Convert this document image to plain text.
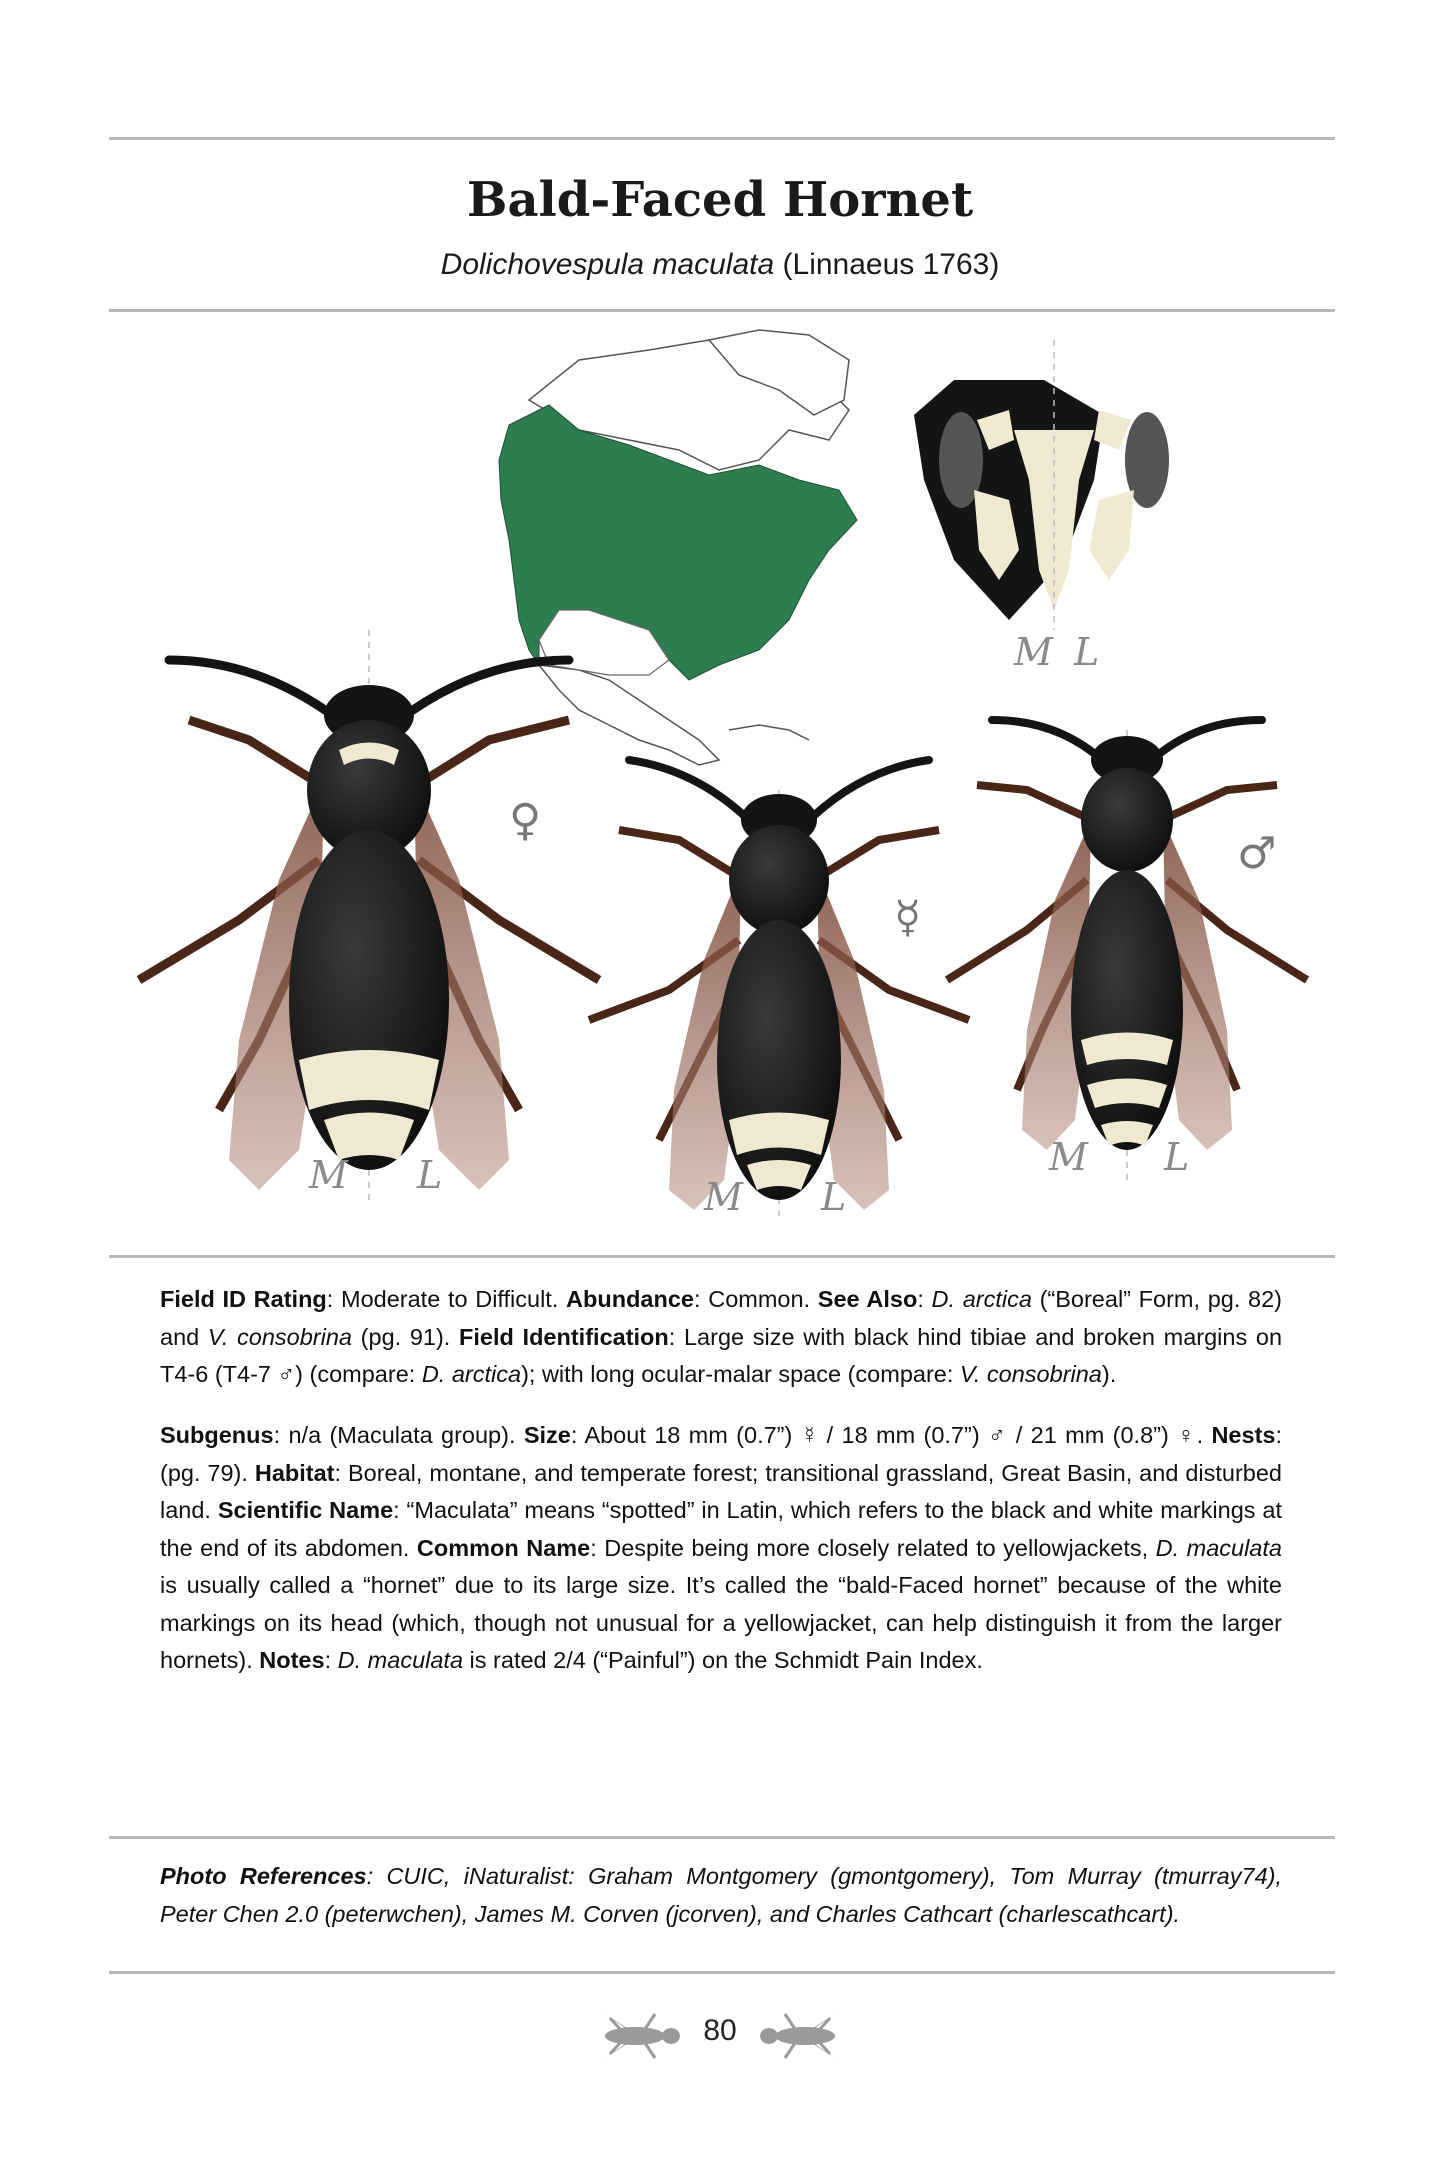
Bald-Faced Hornet
Dolichovespula maculata (Linnaeus 1763)
M L
♀
M L
☿
M L
♂
M L
Field ID Rating: Moderate to Difficult. Abundance: Common. See Also: D. arctica (“Boreal” Form, pg. 82) and V. consobrina (pg. 91). Field Identification: Large size with black hind tibiae and broken margins on T4-6 (T4-7 ♂) (compare: D. arctica); with long ocular-malar space (compare: V. consobrina).
Subgenus: n/a (Maculata group). Size: About 18 mm (0.7”) ☿ / 18 mm (0.7”) ♂ / 21 mm (0.8”) ♀. Nests: (pg. 79). Habitat: Boreal, montane, and temperate forest; transitional grassland, Great Basin, and disturbed land. Scientific Name: “Maculata” means “spotted” in Latin, which refers to the black and white markings at the end of its abdomen. Common Name: Despite being more closely related to yellowjackets, D. maculata is usually called a “hornet” due to its large size. It’s called the “bald-Faced hornet” because of the white markings on its head (which, though not unusual for a yellowjacket, can help distinguish it from the larger hornets). Notes: D. maculata is rated 2/4 (“Painful”) on the Schmidt Pain Index.
Photo References: CUIC, iNaturalist: Graham Montgomery (gmontgomery), Tom Murray (tmurray74), Peter Chen 2.0 (peterwchen), James M. Corven (jcorven), and Charles Cathcart (charlescathcart).
80
